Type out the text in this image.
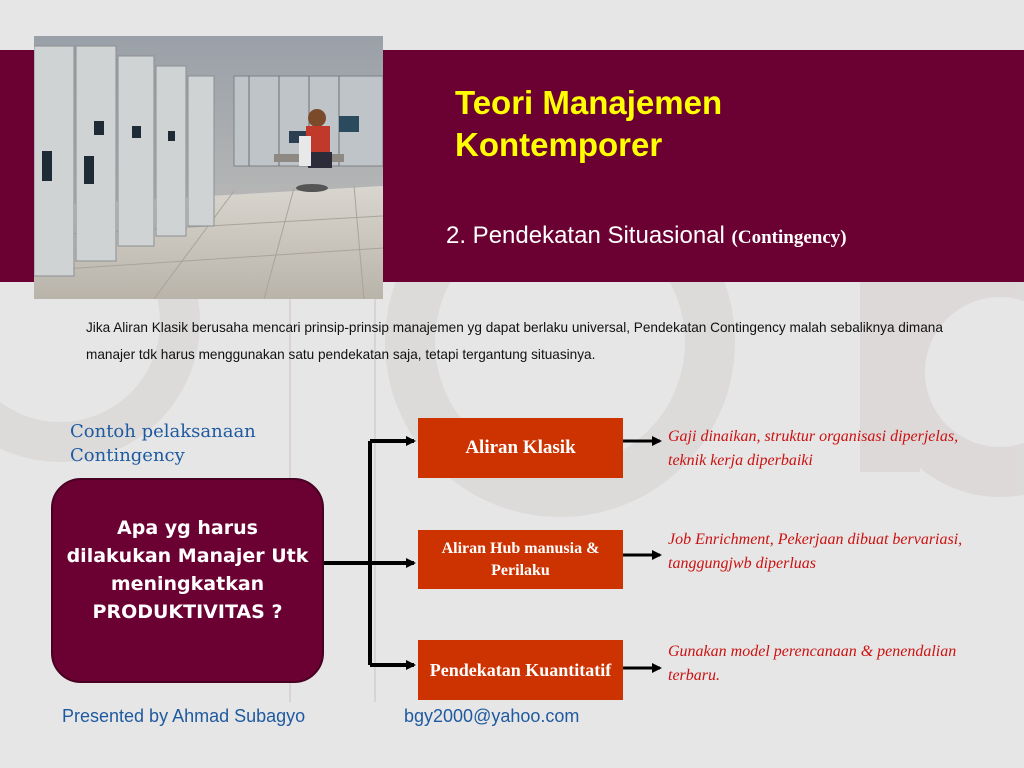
Teori Manajemen Kontemporer
2. Pendekatan Situasional (Contingency)
Jika Aliran Klasik berusaha mencari prinsip-prinsip manajemen yg dapat berlaku universal, Pendekatan Contingency malah sebaliknya dimana manajer tdk harus menggunakan satu pendekatan saja, tetapi tergantung situasinya.
Contoh pelaksanaan Contingency
Apa yg harus dilakukan Manajer Utk meningkatkan PRODUKTIVITAS ?
Aliran Klasik
Aliran Hub manusia & Perilaku
Pendekatan Kuantitatif
Gaji dinaikan, struktur organisasi diperjelas, teknik kerja diperbaiki
Job Enrichment, Pekerjaan dibuat bervariasi, tanggungjwb diperluas
Gunakan model perencanaan & penendalian terbaru.
Presented by Ahmad Subagyo	bgy2000@yahoo.com
